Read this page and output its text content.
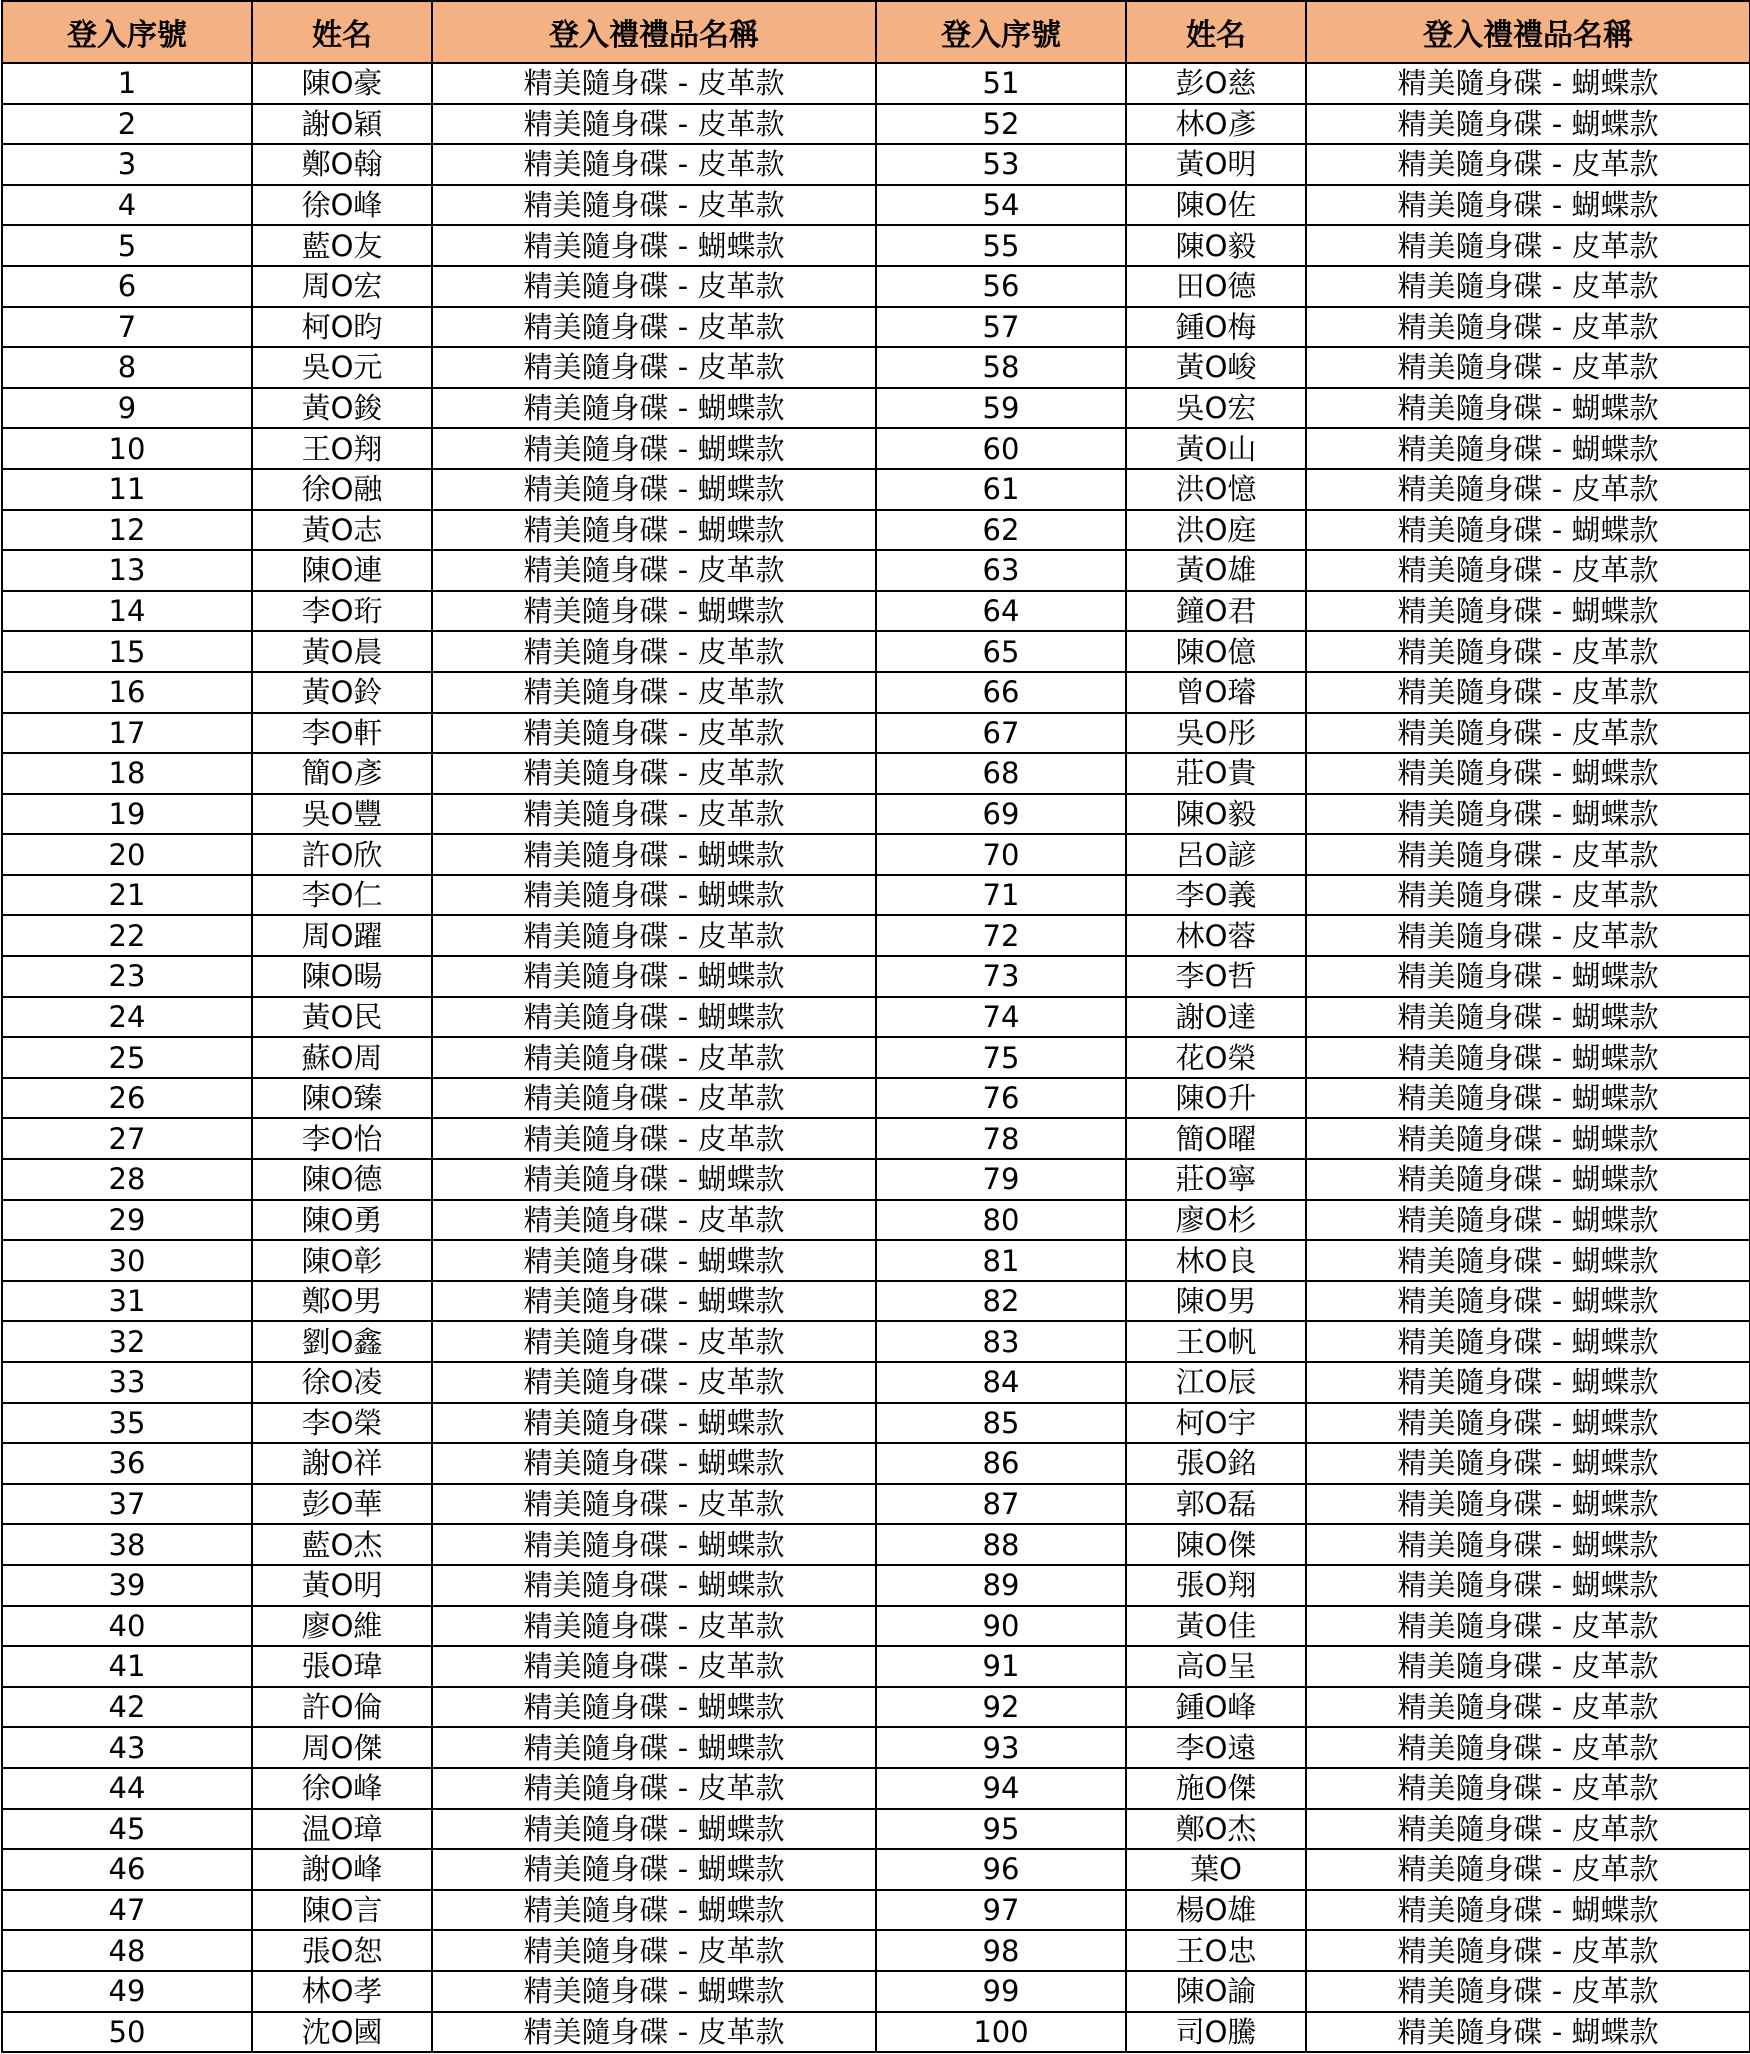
登入序號	姓名	登入禮禮品名稱	登入序號	姓名	登入禮禮品名稱
1	陳O豪	精美隨身碟 - 皮革款	51	彭O慈	精美隨身碟 - 蝴蝶款
2	謝O穎	精美隨身碟 - 皮革款	52	林O彥	精美隨身碟 - 蝴蝶款
3	鄭O翰	精美隨身碟 - 皮革款	53	黃O明	精美隨身碟 - 皮革款
4	徐O峰	精美隨身碟 - 皮革款	54	陳O佐	精美隨身碟 - 蝴蝶款
5	藍O友	精美隨身碟 - 蝴蝶款	55	陳O毅	精美隨身碟 - 皮革款
6	周O宏	精美隨身碟 - 皮革款	56	田O德	精美隨身碟 - 皮革款
7	柯O昀	精美隨身碟 - 皮革款	57	鍾O梅	精美隨身碟 - 皮革款
8	吳O元	精美隨身碟 - 皮革款	58	黃O峻	精美隨身碟 - 皮革款
9	黃O鋑	精美隨身碟 - 蝴蝶款	59	吳O宏	精美隨身碟 - 蝴蝶款
10	王O翔	精美隨身碟 - 蝴蝶款	60	黃O山	精美隨身碟 - 蝴蝶款
11	徐O融	精美隨身碟 - 蝴蝶款	61	洪O憶	精美隨身碟 - 皮革款
12	黃O志	精美隨身碟 - 蝴蝶款	62	洪O庭	精美隨身碟 - 蝴蝶款
13	陳O連	精美隨身碟 - 皮革款	63	黃O雄	精美隨身碟 - 皮革款
14	李O珩	精美隨身碟 - 蝴蝶款	64	鐘O君	精美隨身碟 - 蝴蝶款
15	黃O晨	精美隨身碟 - 皮革款	65	陳O億	精美隨身碟 - 皮革款
16	黃O鈴	精美隨身碟 - 皮革款	66	曾O璿	精美隨身碟 - 皮革款
17	李O軒	精美隨身碟 - 皮革款	67	吳O彤	精美隨身碟 - 皮革款
18	簡O彥	精美隨身碟 - 皮革款	68	莊O貴	精美隨身碟 - 蝴蝶款
19	吳O豐	精美隨身碟 - 皮革款	69	陳O毅	精美隨身碟 - 蝴蝶款
20	許O欣	精美隨身碟 - 蝴蝶款	70	呂O諺	精美隨身碟 - 皮革款
21	李O仁	精美隨身碟 - 蝴蝶款	71	李O義	精美隨身碟 - 皮革款
22	周O躍	精美隨身碟 - 皮革款	72	林O蓉	精美隨身碟 - 皮革款
23	陳O暘	精美隨身碟 - 蝴蝶款	73	李O哲	精美隨身碟 - 蝴蝶款
24	黃O民	精美隨身碟 - 蝴蝶款	74	謝O達	精美隨身碟 - 蝴蝶款
25	蘇O周	精美隨身碟 - 皮革款	75	花O榮	精美隨身碟 - 蝴蝶款
26	陳O臻	精美隨身碟 - 皮革款	76	陳O升	精美隨身碟 - 蝴蝶款
27	李O怡	精美隨身碟 - 皮革款	78	簡O曜	精美隨身碟 - 蝴蝶款
28	陳O德	精美隨身碟 - 蝴蝶款	79	莊O寧	精美隨身碟 - 蝴蝶款
29	陳O勇	精美隨身碟 - 皮革款	80	廖O杉	精美隨身碟 - 蝴蝶款
30	陳O彰	精美隨身碟 - 蝴蝶款	81	林O良	精美隨身碟 - 蝴蝶款
31	鄭O男	精美隨身碟 - 蝴蝶款	82	陳O男	精美隨身碟 - 蝴蝶款
32	劉O鑫	精美隨身碟 - 皮革款	83	王O帆	精美隨身碟 - 蝴蝶款
33	徐O凌	精美隨身碟 - 皮革款	84	江O辰	精美隨身碟 - 蝴蝶款
35	李O榮	精美隨身碟 - 蝴蝶款	85	柯O宇	精美隨身碟 - 蝴蝶款
36	謝O祥	精美隨身碟 - 蝴蝶款	86	張O銘	精美隨身碟 - 蝴蝶款
37	彭O華	精美隨身碟 - 皮革款	87	郭O磊	精美隨身碟 - 蝴蝶款
38	藍O杰	精美隨身碟 - 蝴蝶款	88	陳O傑	精美隨身碟 - 蝴蝶款
39	黃O明	精美隨身碟 - 蝴蝶款	89	張O翔	精美隨身碟 - 蝴蝶款
40	廖O維	精美隨身碟 - 皮革款	90	黃O佳	精美隨身碟 - 皮革款
41	張O瑋	精美隨身碟 - 皮革款	91	高O呈	精美隨身碟 - 皮革款
42	許O倫	精美隨身碟 - 蝴蝶款	92	鍾O峰	精美隨身碟 - 皮革款
43	周O傑	精美隨身碟 - 蝴蝶款	93	李O遠	精美隨身碟 - 皮革款
44	徐O峰	精美隨身碟 - 皮革款	94	施O傑	精美隨身碟 - 皮革款
45	温O璋	精美隨身碟 - 蝴蝶款	95	鄭O杰	精美隨身碟 - 皮革款
46	謝O峰	精美隨身碟 - 蝴蝶款	96	葉O	精美隨身碟 - 皮革款
47	陳O言	精美隨身碟 - 蝴蝶款	97	楊O雄	精美隨身碟 - 蝴蝶款
48	張O恕	精美隨身碟 - 皮革款	98	王O忠	精美隨身碟 - 皮革款
49	林O孝	精美隨身碟 - 蝴蝶款	99	陳O諭	精美隨身碟 - 皮革款
50	沈O國	精美隨身碟 - 皮革款	100	司O騰	精美隨身碟 - 蝴蝶款
